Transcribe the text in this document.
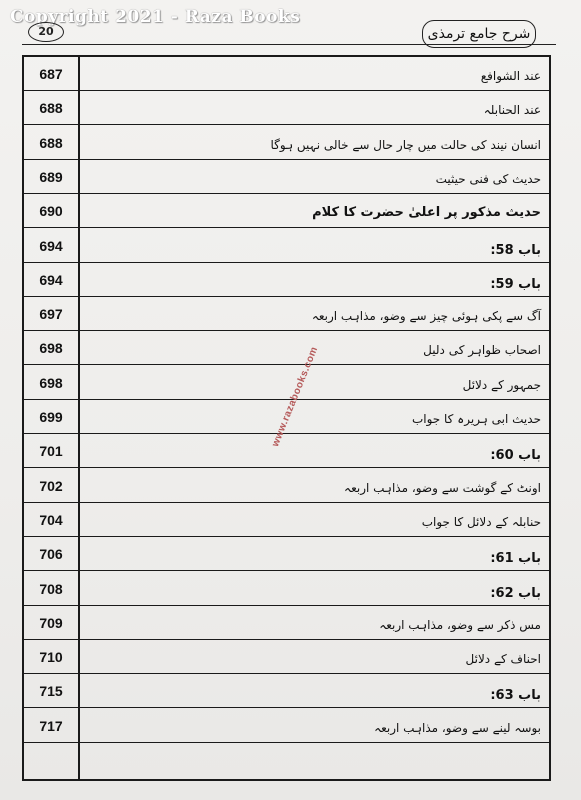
Copyright 2021 - Raza Books
20	شرح جامع ترمذی
687	عند الشوافع
688	عند الحنابلہ
688	انسان نیند کی حالت میں چار حال سے خالی نہیں ہوگا
689	حدیث کی فنی حیثیت
690	حدیث مذکور پر اعلیٰ حضرت کا کلام
694	باب 58:
694	باب 59:
697	آگ سے پکی ہوئی چیز سے وضو، مذاہب اربعہ
698	اصحاب ظواہر کی دلیل
698	جمہور کے دلائل
699	حدیث ابی ہریرہ کا جواب
701	باب 60:
702	اونٹ کے گوشت سے وضو، مذاہب اربعہ
704	حنابلہ کے دلائل کا جواب
706	باب 61:
708	باب 62:
709	مس ذکر سے وضو، مذاہب اربعہ
710	احناف کے دلائل
715	باب 63:
717	بوسہ لینے سے وضو، مذاہب اربعہ
www.razabooks.com
